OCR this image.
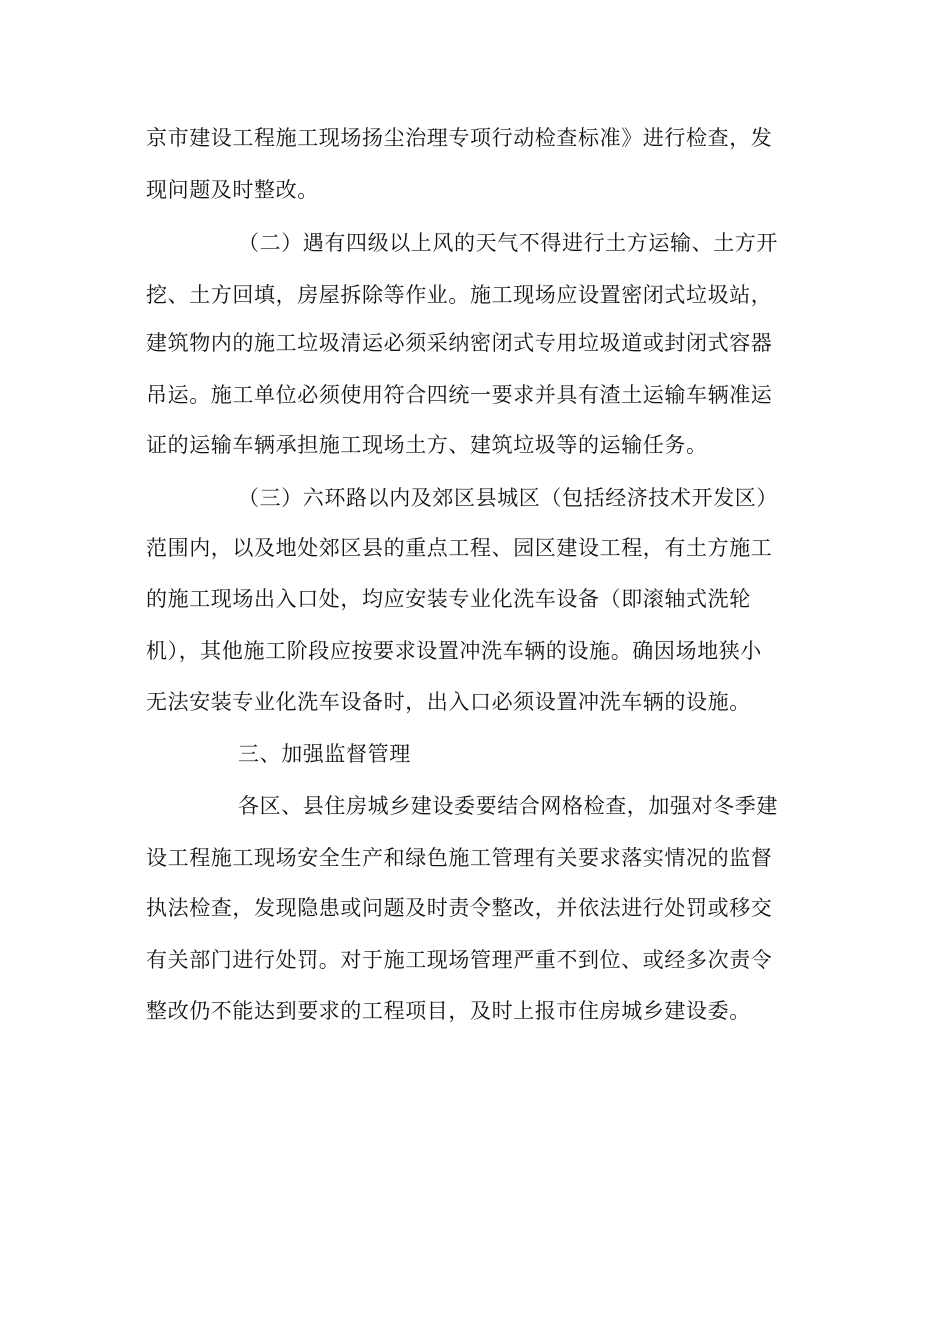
京市建设工程施工现场扬尘治理专项行动检查标准》进行检查，发
现问题及时整改。
（二）遇有四级以上风的天气不得进行土方运输、土方开
挖、土方回填，房屋拆除等作业。施工现场应设置密闭式垃圾站，
建筑物内的施工垃圾清运必须采纳密闭式专用垃圾道或封闭式容器
吊运。施工单位必须使用符合四统一要求并具有渣土运输车辆准运
证的运输车辆承担施工现场土方、建筑垃圾等的运输任务。
（三）六环路以内及郊区县城区（包括经济技术开发区）
范围内，以及地处郊区县的重点工程、园区建设工程，有土方施工
的施工现场出入口处，均应安装专业化洗车设备（即滚轴式洗轮
机），其他施工阶段应按要求设置冲洗车辆的设施。确因场地狭小
无法安装专业化洗车设备时，出入口必须设置冲洗车辆的设施。
三、加强监督管理
各区、县住房城乡建设委要结合网格检查，加强对冬季建
设工程施工现场安全生产和绿色施工管理有关要求落实情况的监督
执法检查，发现隐患或问题及时责令整改，并依法进行处罚或移交
有关部门进行处罚。对于施工现场管理严重不到位、或经多次责令
整改仍不能达到要求的工程项目，及时上报市住房城乡建设委。
